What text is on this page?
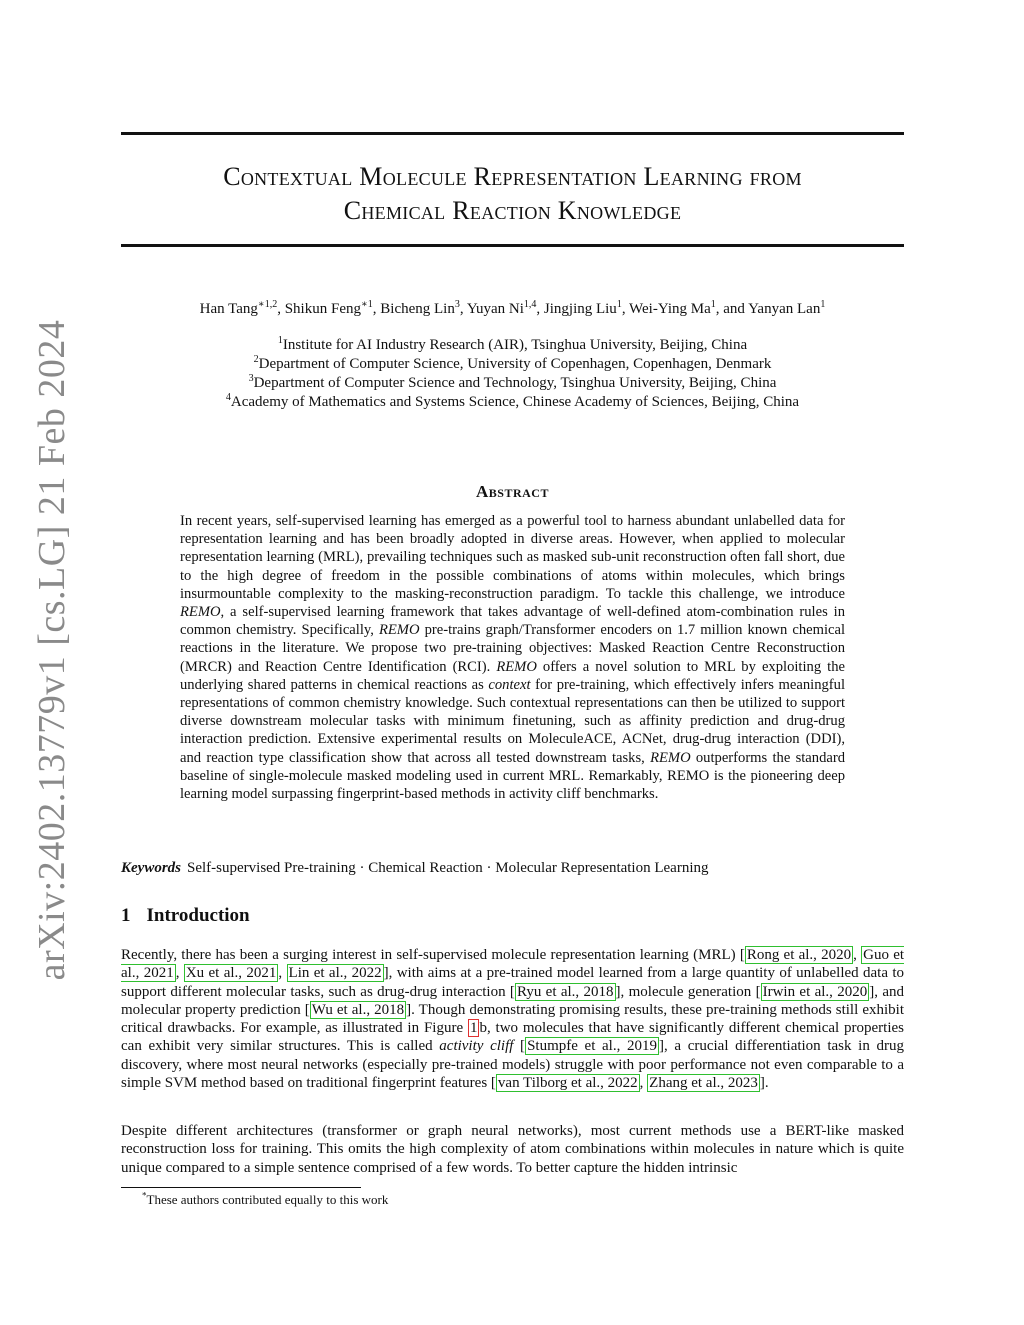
arXiv:2402.13779v1 [cs.LG] 21 Feb 2024
Contextual Molecule Representation Learning from
Chemical Reaction Knowledge
Han Tang$^{∗1,2}$, Shikun Feng$^{∗1}$, Bicheng Lin$^3$, Yuyan Ni$^{1,4}$, Jingjing Liu$^1$, Wei-Ying Ma$^1$, and Yanyan Lan$^1$
$^1$Institute for AI Industry Research (AIR), Tsinghua University, Beijing, China
$^2$Department of Computer Science, University of Copenhagen, Copenhagen, Denmark
$^3$Department of Computer Science and Technology, Tsinghua University, Beijing, China
$^4$Academy of Mathematics and Systems Science, Chinese Academy of Sciences, Beijing, China
Abstract
In recent years, self-supervised learning has emerged as a powerful tool to harness abundant unlabelled data for representation learning and has been broadly adopted in diverse areas. However, when applied to molecular representation learning (MRL), prevailing techniques such as masked sub-unit reconstruction often fall short, due to the high degree of freedom in the possible combinations of atoms within molecules, which brings insurmountable complexity to the masking-reconstruction paradigm. To tackle this challenge, we introduce REMO, a self-supervised learning framework that takes advantage of well-defined atom-combination rules in common chemistry. Specifically, REMO pre-trains graph/Transformer encoders on 1.7 million known chemical reactions in the literature. We propose two pre-training objectives: Masked Reaction Centre Reconstruction (MRCR) and Reaction Centre Identification (RCI). REMO offers a novel solution to MRL by exploiting the underlying shared patterns in chemical reactions as context for pre-training, which effectively infers meaningful representations of common chemistry knowledge. Such contextual representations can then be utilized to support diverse downstream molecular tasks with minimum finetuning, such as affinity prediction and drug-drug interaction prediction. Extensive experimental results on MoleculeACE, ACNet, drug-drug interaction (DDI), and reaction type classification show that across all tested downstream tasks, REMO outperforms the standard baseline of single-molecule masked modeling used in current MRL. Remarkably, REMO is the pioneering deep learning model surpassing fingerprint-based methods in activity cliff benchmarks.
Keywords Self-supervised Pre-training · Chemical Reaction · Molecular Representation Learning
1 Introduction
Recently, there has been a surging interest in self-supervised molecule representation learning (MRL) [ Rong et al., 2020 , Guo et al., 2021 , Xu et al., 2021 , Lin et al., 2022 ], with aims at a pre-trained model learned from a large quantity of unlabelled data to support different molecular tasks, such as drug-drug interaction [ Ryu et al., 2018 ], molecule generation [ Irwin et al., 2020 ], and molecular property prediction [ Wu et al., 2018 ]. Though demonstrating promising results, these pre-training methods still exhibit critical drawbacks. For example, as illustrated in Figure 1 b, two molecules that have significantly different chemical properties can exhibit very similar structures. This is called activity cliff [ Stumpfe et al., 2019 ], a crucial differentiation task in drug discovery, where most neural networks (especially pre-trained models) struggle with poor performance not even comparable to a simple SVM method based on traditional fingerprint features [ van Tilborg et al., 2022 , Zhang et al., 2023 ].
Despite different architectures (transformer or graph neural networks), most current methods use a BERT-like masked reconstruction loss for training. This omits the high complexity of atom combinations within molecules in nature which is quite unique compared to a simple sentence comprised of a few words. To better capture the hidden intrinsic
*These authors contributed equally to this work
